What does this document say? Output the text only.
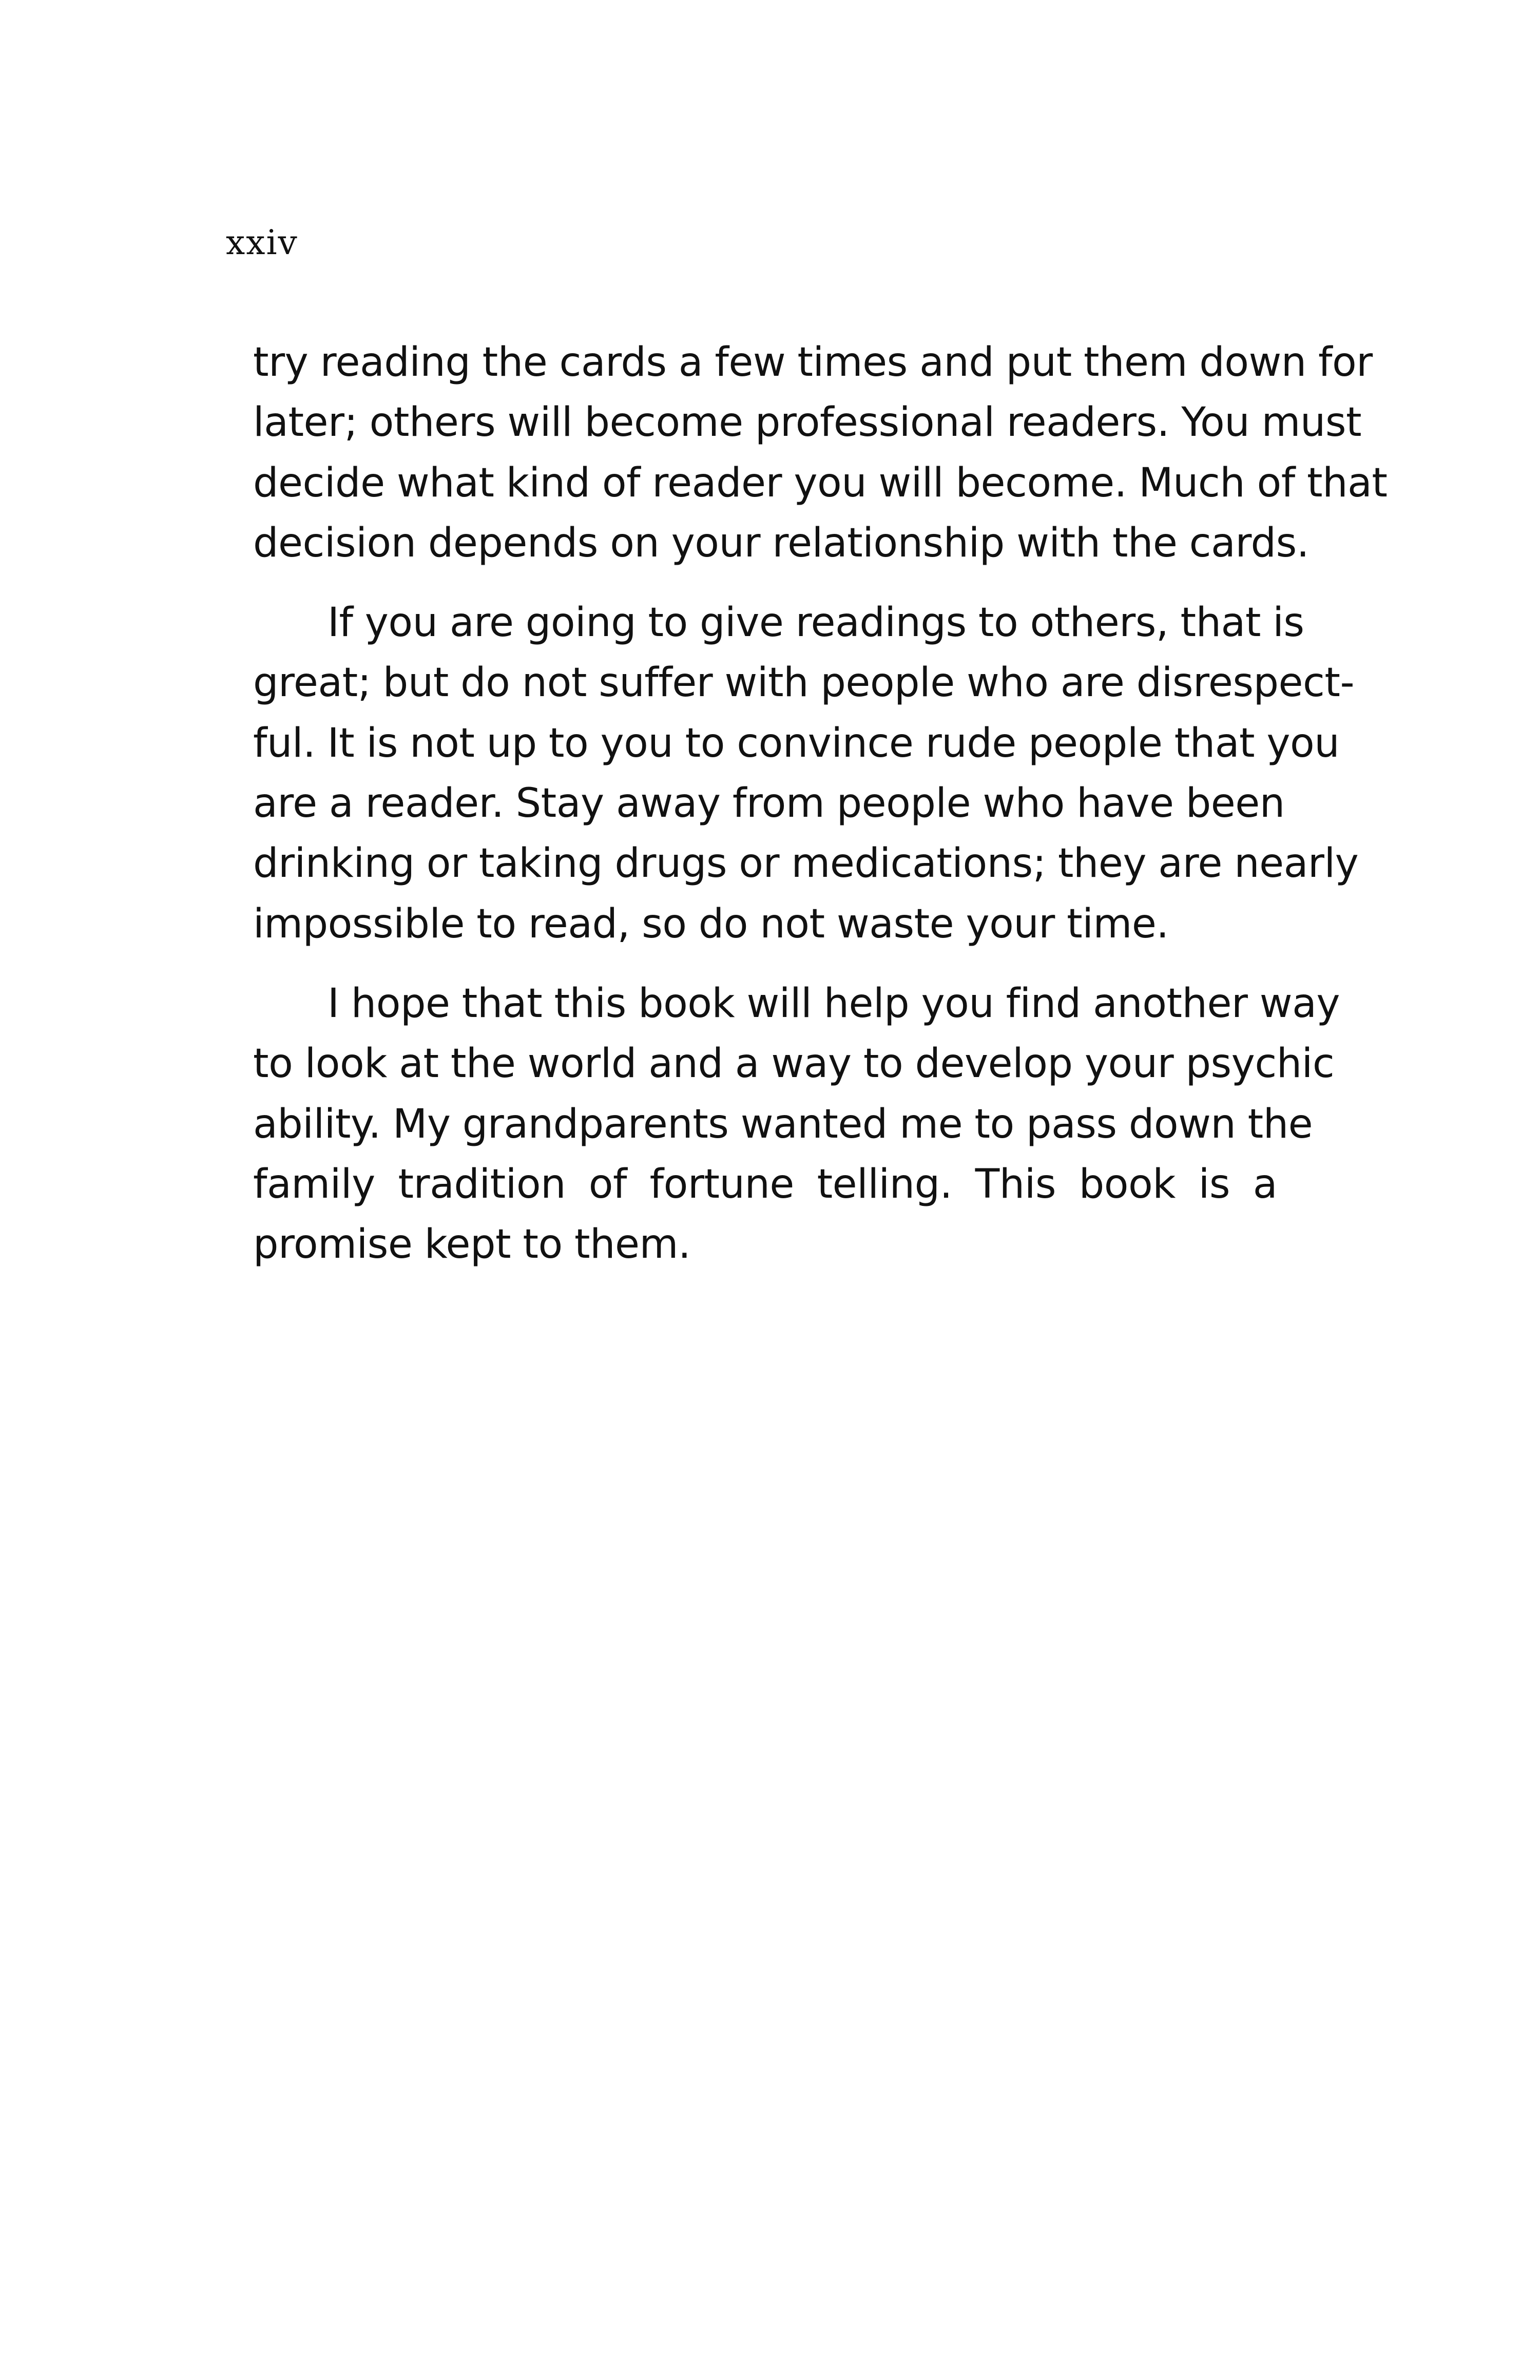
xxiv

try reading the cards a few times and put them down for
later; others will become professional readers. You must
decide what kind of reader you will become. Much of that
decision depends on your relationship with the cards.

If you are going to give readings to others, that is
great; but do not suffer with people who are disrespect-
ful. It is not up to you to convince rude people that you
are a reader. Stay away from people who have been
drinking or taking drugs or medications; they are nearly
impossible to read, so do not waste your time.

I hope that this book will help you find another way
to look at the world and a way to develop your psychic
ability. My grandparents wanted me to pass down the
family tradition of fortune telling. This book is a
promise kept to them.
